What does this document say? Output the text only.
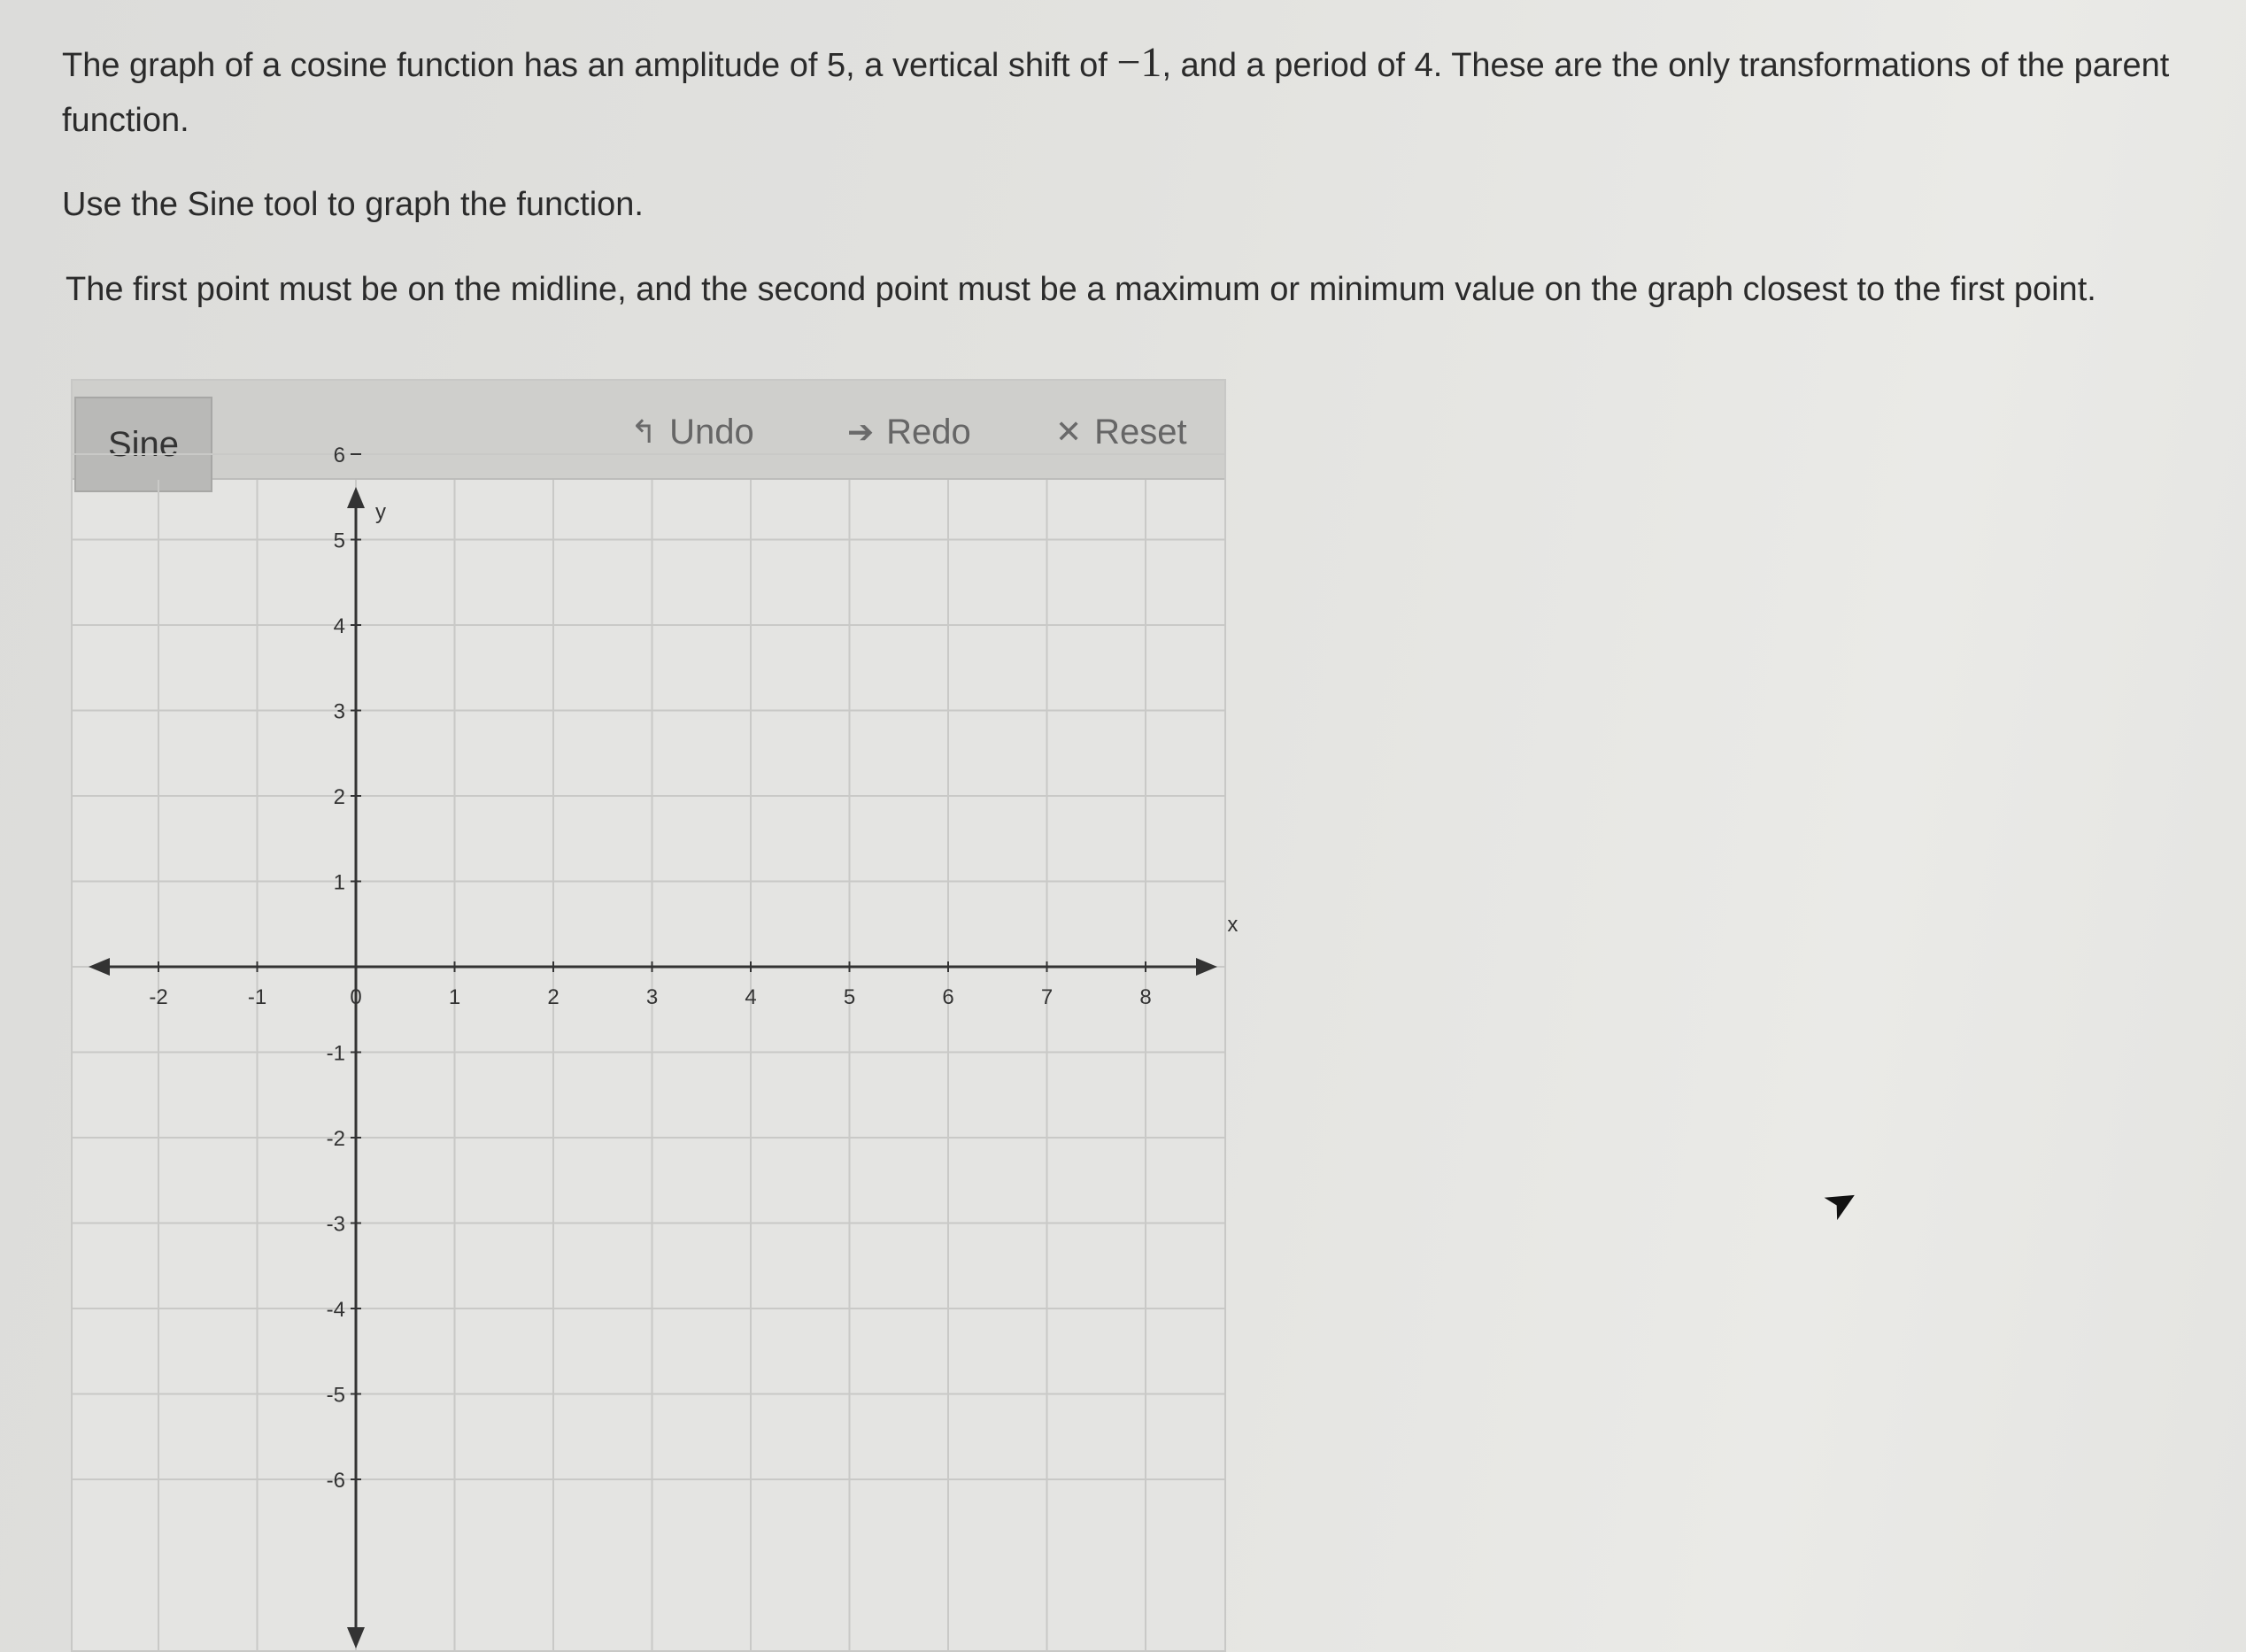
The graph of a cosine function has an amplitude of 5, a vertical shift of −1, and a period of 4. These are the only transformations of the parent function.

Use the Sine tool to graph the function.

The first point must be on the midline, and the second point must be a maximum or minimum value on the graph closest to the first point.

Sine	↰ Undo	➔ Redo	✕ Reset
x
y
-2	-1	0	1	2	3	4	5	6	7	8
-6
-5
-4
-3
-2
-1
1
2
3
4
5
6
➤
